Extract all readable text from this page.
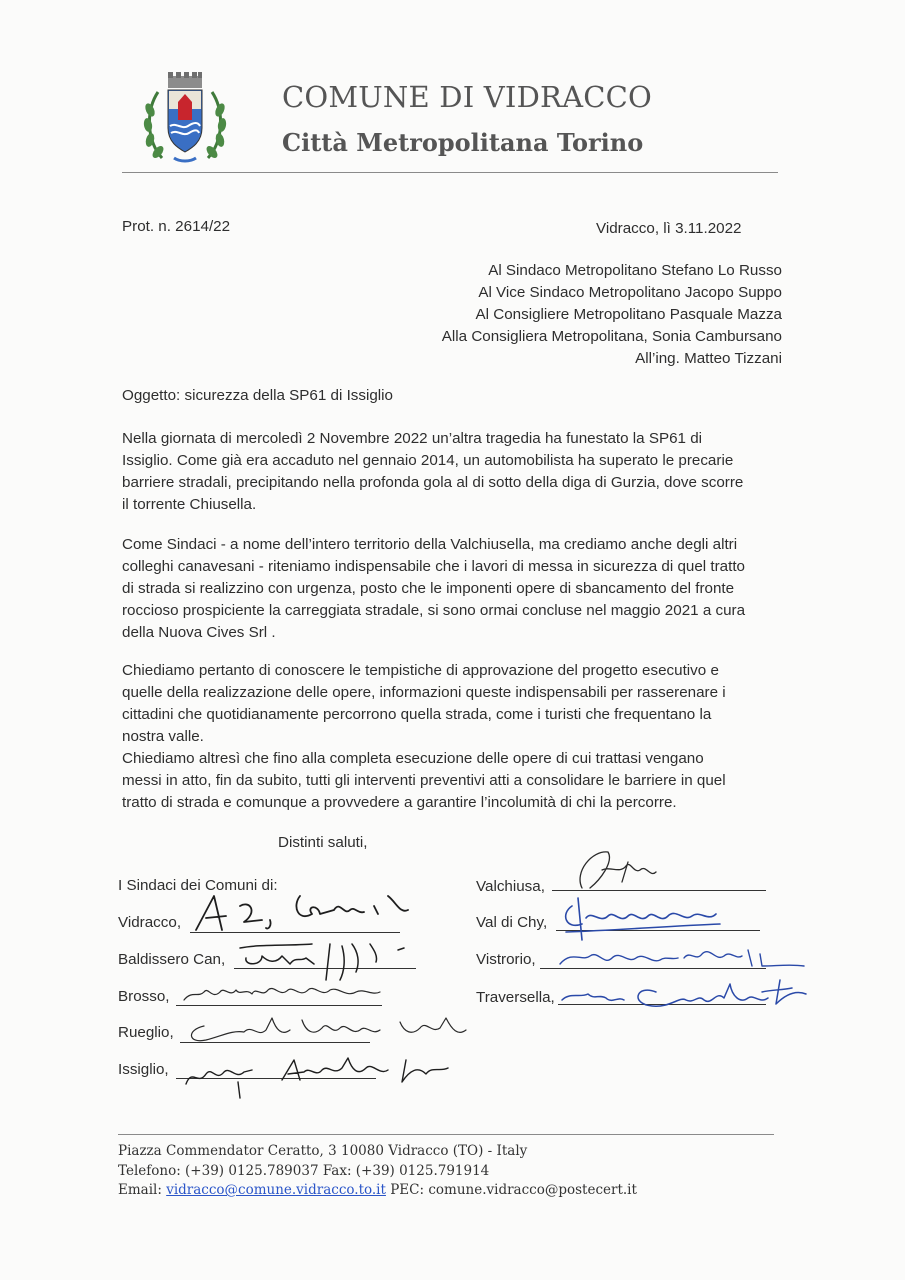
COMUNE DI VIDRACCO
Città Metropolitana Torino
Prot. n. 2614/22	Vidracco, lì 3.11.2022
Al Sindaco Metropolitano Stefano Lo Russo
Al Vice Sindaco Metropolitano Jacopo Suppo
Al Consigliere Metropolitano Pasquale Mazza
Alla Consigliera Metropolitana, Sonia Cambursano
All’ing. Matteo Tizzani
Oggetto: sicurezza della SP61 di Issiglio
Nella giornata di mercoledì 2 Novembre 2022 un’altra tragedia ha funestato la SP61 di
Issiglio. Come già era accaduto nel gennaio 2014, un automobilista ha superato le precarie
barriere stradali, precipitando nella profonda gola al di sotto della diga di Gurzia, dove scorre
il torrente Chiusella.
Come Sindaci - a nome dell’intero territorio della Valchiusella, ma crediamo anche degli altri
colleghi canavesani - riteniamo indispensabile che i lavori di messa in sicurezza di quel tratto
di strada si realizzino con urgenza, posto che le imponenti opere di sbancamento del fronte
roccioso prospiciente la carreggiata stradale, si sono ormai concluse nel maggio 2021 a cura
della Nuova Cives Srl .
Chiediamo pertanto di conoscere le tempistiche di approvazione del progetto esecutivo e
quelle della realizzazione delle opere, informazioni queste indispensabili per rasserenare i
cittadini che quotidianamente percorrono quella strada, come i turisti che frequentano la
nostra valle.
Chiediamo altresì che fino alla completa esecuzione delle opere di cui trattasi vengano
messi in atto, fin da subito, tutti gli interventi preventivi atti a consolidare le barriere in quel
tratto di strada e comunque a provvedere a garantire l’incolumità di chi la percorre.
Distinti saluti,
I Sindaci dei Comuni di:
Vidracco,
Baldissero Can,
Brosso,
Rueglio,
Issiglio,
Valchiusa,
Val di Chy,
Vistrorio,
Traversella,
Piazza Commendator Ceratto, 3 10080 Vidracco (TO) - Italy
Telefono: (+39) 0125.789037 Fax: (+39) 0125.791914
Email: vidracco@comune.vidracco.to.it PEC: comune.vidracco@postecert.it
